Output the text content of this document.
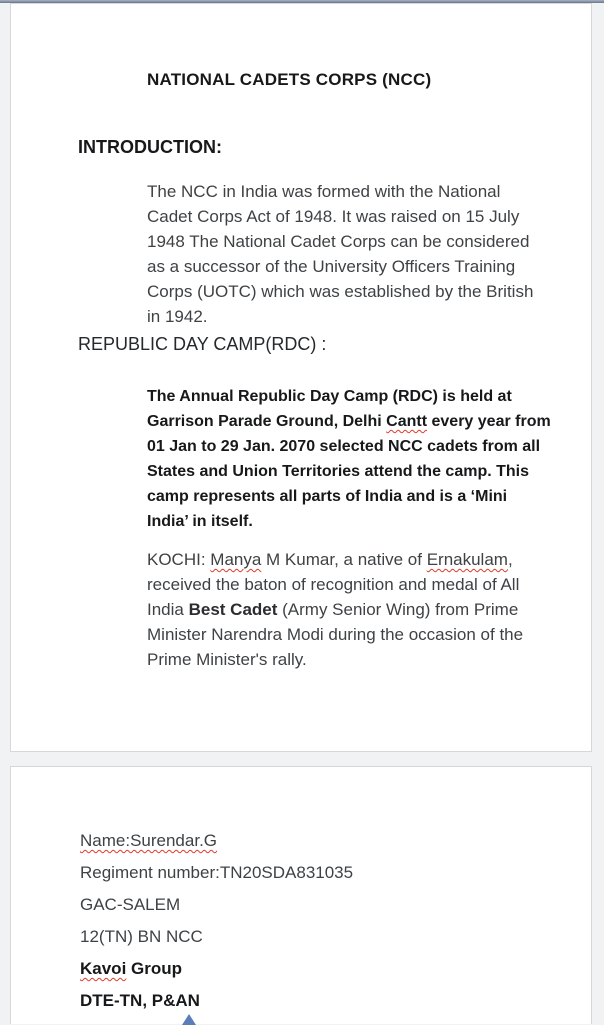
NATIONAL CADETS CORPS (NCC)
INTRODUCTION:

The NCC in India was formed with the National Cadet Corps Act of 1948. It was raised on 15 July 1948 The National Cadet Corps can be considered as a successor of the University Officers Training Corps (UOTC) which was established by the British in 1942.

REPUBLIC DAY CAMP(RDC) :

The Annual Republic Day Camp (RDC) is held at Garrison Parade Ground, Delhi Cantt every year from 01 Jan to 29 Jan. 2070 selected NCC cadets from all States and Union Territories attend the camp. This camp represents all parts of India and is a ‘Mini India’ in itself.

KOCHI: Manya M Kumar, a native of Ernakulam, received the baton of recognition and medal of All India Best Cadet (Army Senior Wing) from Prime Minister Narendra Modi during the occasion of the Prime Minister's rally.

Name:Surendar.G
Regiment number:TN20SDA831035
GAC-SALEM
12(TN) BN NCC
Kavoi Group
DTE-TN, P&AN
